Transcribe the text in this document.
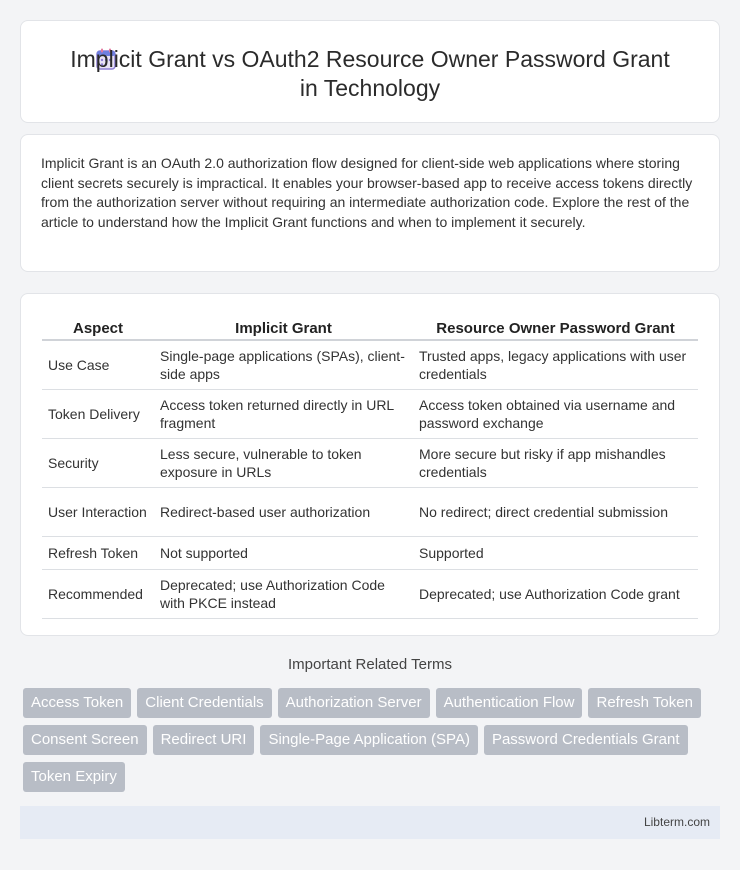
Implicit Grant vs OAuth2 Resource Owner Password Grant in Technology

Implicit Grant is an OAuth 2.0 authorization flow designed for client-side web applications where storing client secrets securely is impractical. It enables your browser-based app to receive access tokens directly from the authorization server without requiring an intermediate authorization code. Explore the rest of the article to understand how the Implicit Grant functions and when to implement it securely.

Aspect	Implicit Grant	Resource Owner Password Grant
Use Case	Single-page applications (SPAs), client-side apps	Trusted apps, legacy applications with user credentials
Token Delivery	Access token returned directly in URL fragment	Access token obtained via username and password exchange
Security	Less secure, vulnerable to token exposure in URLs	More secure but risky if app mishandles credentials
User Interaction	Redirect-based user authorization	No redirect; direct credential submission
Refresh Token	Not supported	Supported
Recommended	Deprecated; use Authorization Code with PKCE instead	Deprecated; use Authorization Code grant
Important Related Terms
Access Token	Client Credentials	Authorization Server	Authentication Flow	Refresh Token
Consent Screen	Redirect URI	Single-Page Application (SPA)	Password Credentials Grant
Token Expiry
Libterm.com
